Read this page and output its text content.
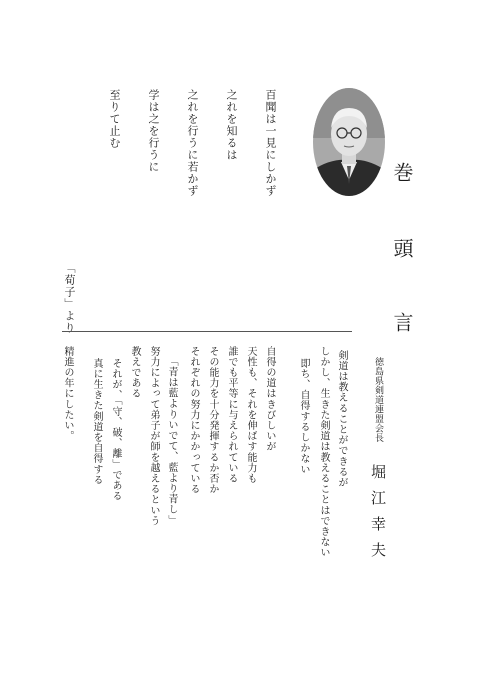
巻
頭
言
百聞は一見にしかず
之れを知るは
之れを行うに若かず
学は之を行うに
至りて止む
「荀子」より
徳島県剣道連盟会長
堀
江
幸
夫
剣道は教えることができるが
しかし、生きた剣道は教えることはできない
即ち、自得するしかない
自得の道はきびしいが
天性も、それを伸ばす能力も
誰でも平等に与えられている
その能力を十分発揮するか否か
それぞれの努力にかかっている
「青は藍よりいでて、藍より青し」
努力によって弟子が師を越えるという
教えである
それが、「守、破、離」である
真に生きた剣道を自得する
精進の年にしたい。
